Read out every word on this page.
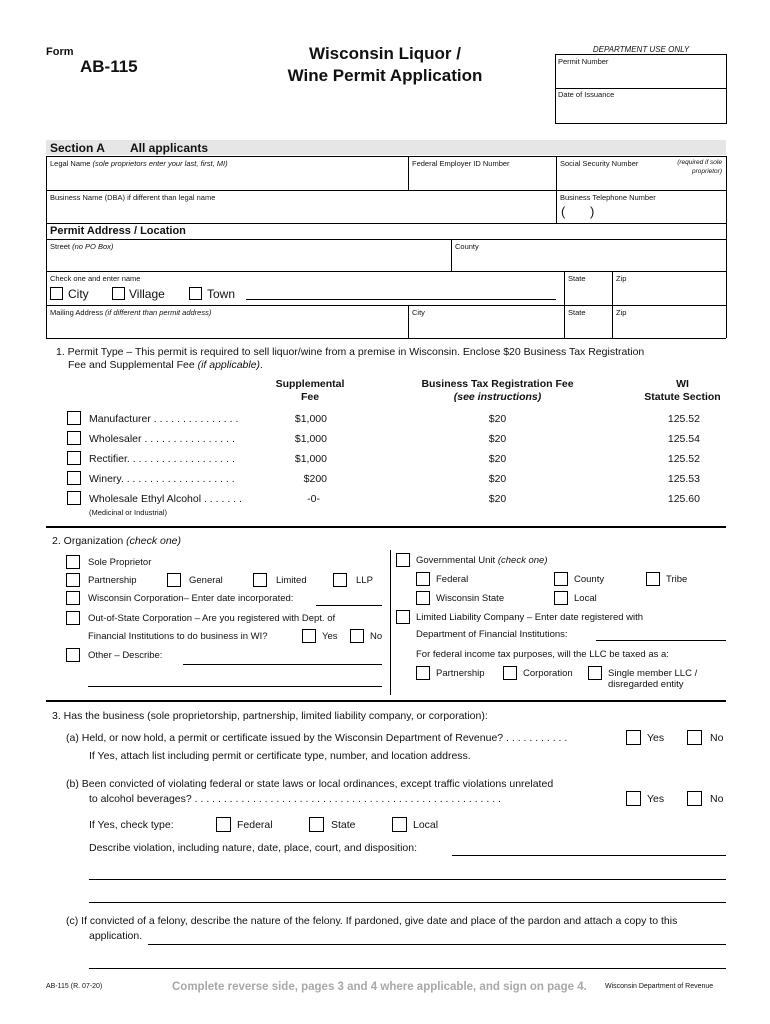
Form
AB-115
Wisconsin Liquor /
Wine Permit Application
DEPARTMENT USE ONLY
Permit Number
Date of Issuance
Section A All applicants
Legal Name (sole proprietors enter your last, first, MI)	Federal Employer ID Number	Social Security Number	(required if sole
proprietor)
Business Name (DBA) if different than legal name	Business Telephone Number
( )
Permit Address / Location
Street (no PO Box)	County
Check one and enter name
City	Village	Town
State	Zip
Mailing Address (if different than permit address)	City	State	Zip
1. Permit Type – This permit is required to sell liquor/wine from a premise in Wisconsin. Enclose $20 Business Tax Registration
Fee and Supplemental Fee (if applicable).
Supplemental
Fee
Business Tax Registration Fee
(see instructions)
WI
Statute Section
Manufacturer . . . . . . . . . . . . . . .	$1,000	$20	125.52
Wholesaler . . . . . . . . . . . . . . . .	$1,000	$20	125.54
Rectifier. . . . . . . . . . . . . . . . . . .	$1,000	$20	125.52
Winery. . . . . . . . . . . . . . . . . . . .	$200	$20	125.53
Wholesale Ethyl Alcohol . . . . . . .	-0-	$20	125.60
(Medicinal or Industrial)
2. Organization (check one)
Sole Proprietor
Partnership	General	Limited	LLP
Wisconsin Corporation– Enter date incorporated:
Out-of-State Corporation – Are you registered with Dept. of
Financial Institutions to do business in WI?	Yes	No
Other – Describe:
Governmental Unit (check one)
Federal	County	Tribe
Wisconsin State	Local
Limited Liability Company – Enter date registered with
Department of Financial Institutions:
For federal income tax purposes, will the LLC be taxed as a:
Partnership	Corporation	Single member LLC /
disregarded entity
3. Has the business (sole proprietorship, partnership, limited liability company, or corporation):
(a) Held, or now hold, a permit or certificate issued by the Wisconsin Department of Revenue? . . . . . . . . . . .
If Yes, attach list including permit or certificate type, number, and location address.
Yes	No
(b) Been convicted of violating federal or state laws or local ordinances, except traffic violations unrelated
to alcohol beverages? . . . . . . . . . . . . . . . . . . . . . . . . . . . . . . . . . . . . . . . . . . . . . . . . . . . . .	Yes	No
If Yes, check type:	Federal	State	Local
Describe violation, including nature, date, place, court, and disposition:
(c) If convicted of a felony, describe the nature of the felony. If pardoned, give date and place of the pardon and attach a copy to this
application.
AB-115 (R. 07-20)	Complete reverse side, pages 3 and 4 where applicable, and sign on page 4.	Wisconsin Department of Revenue
